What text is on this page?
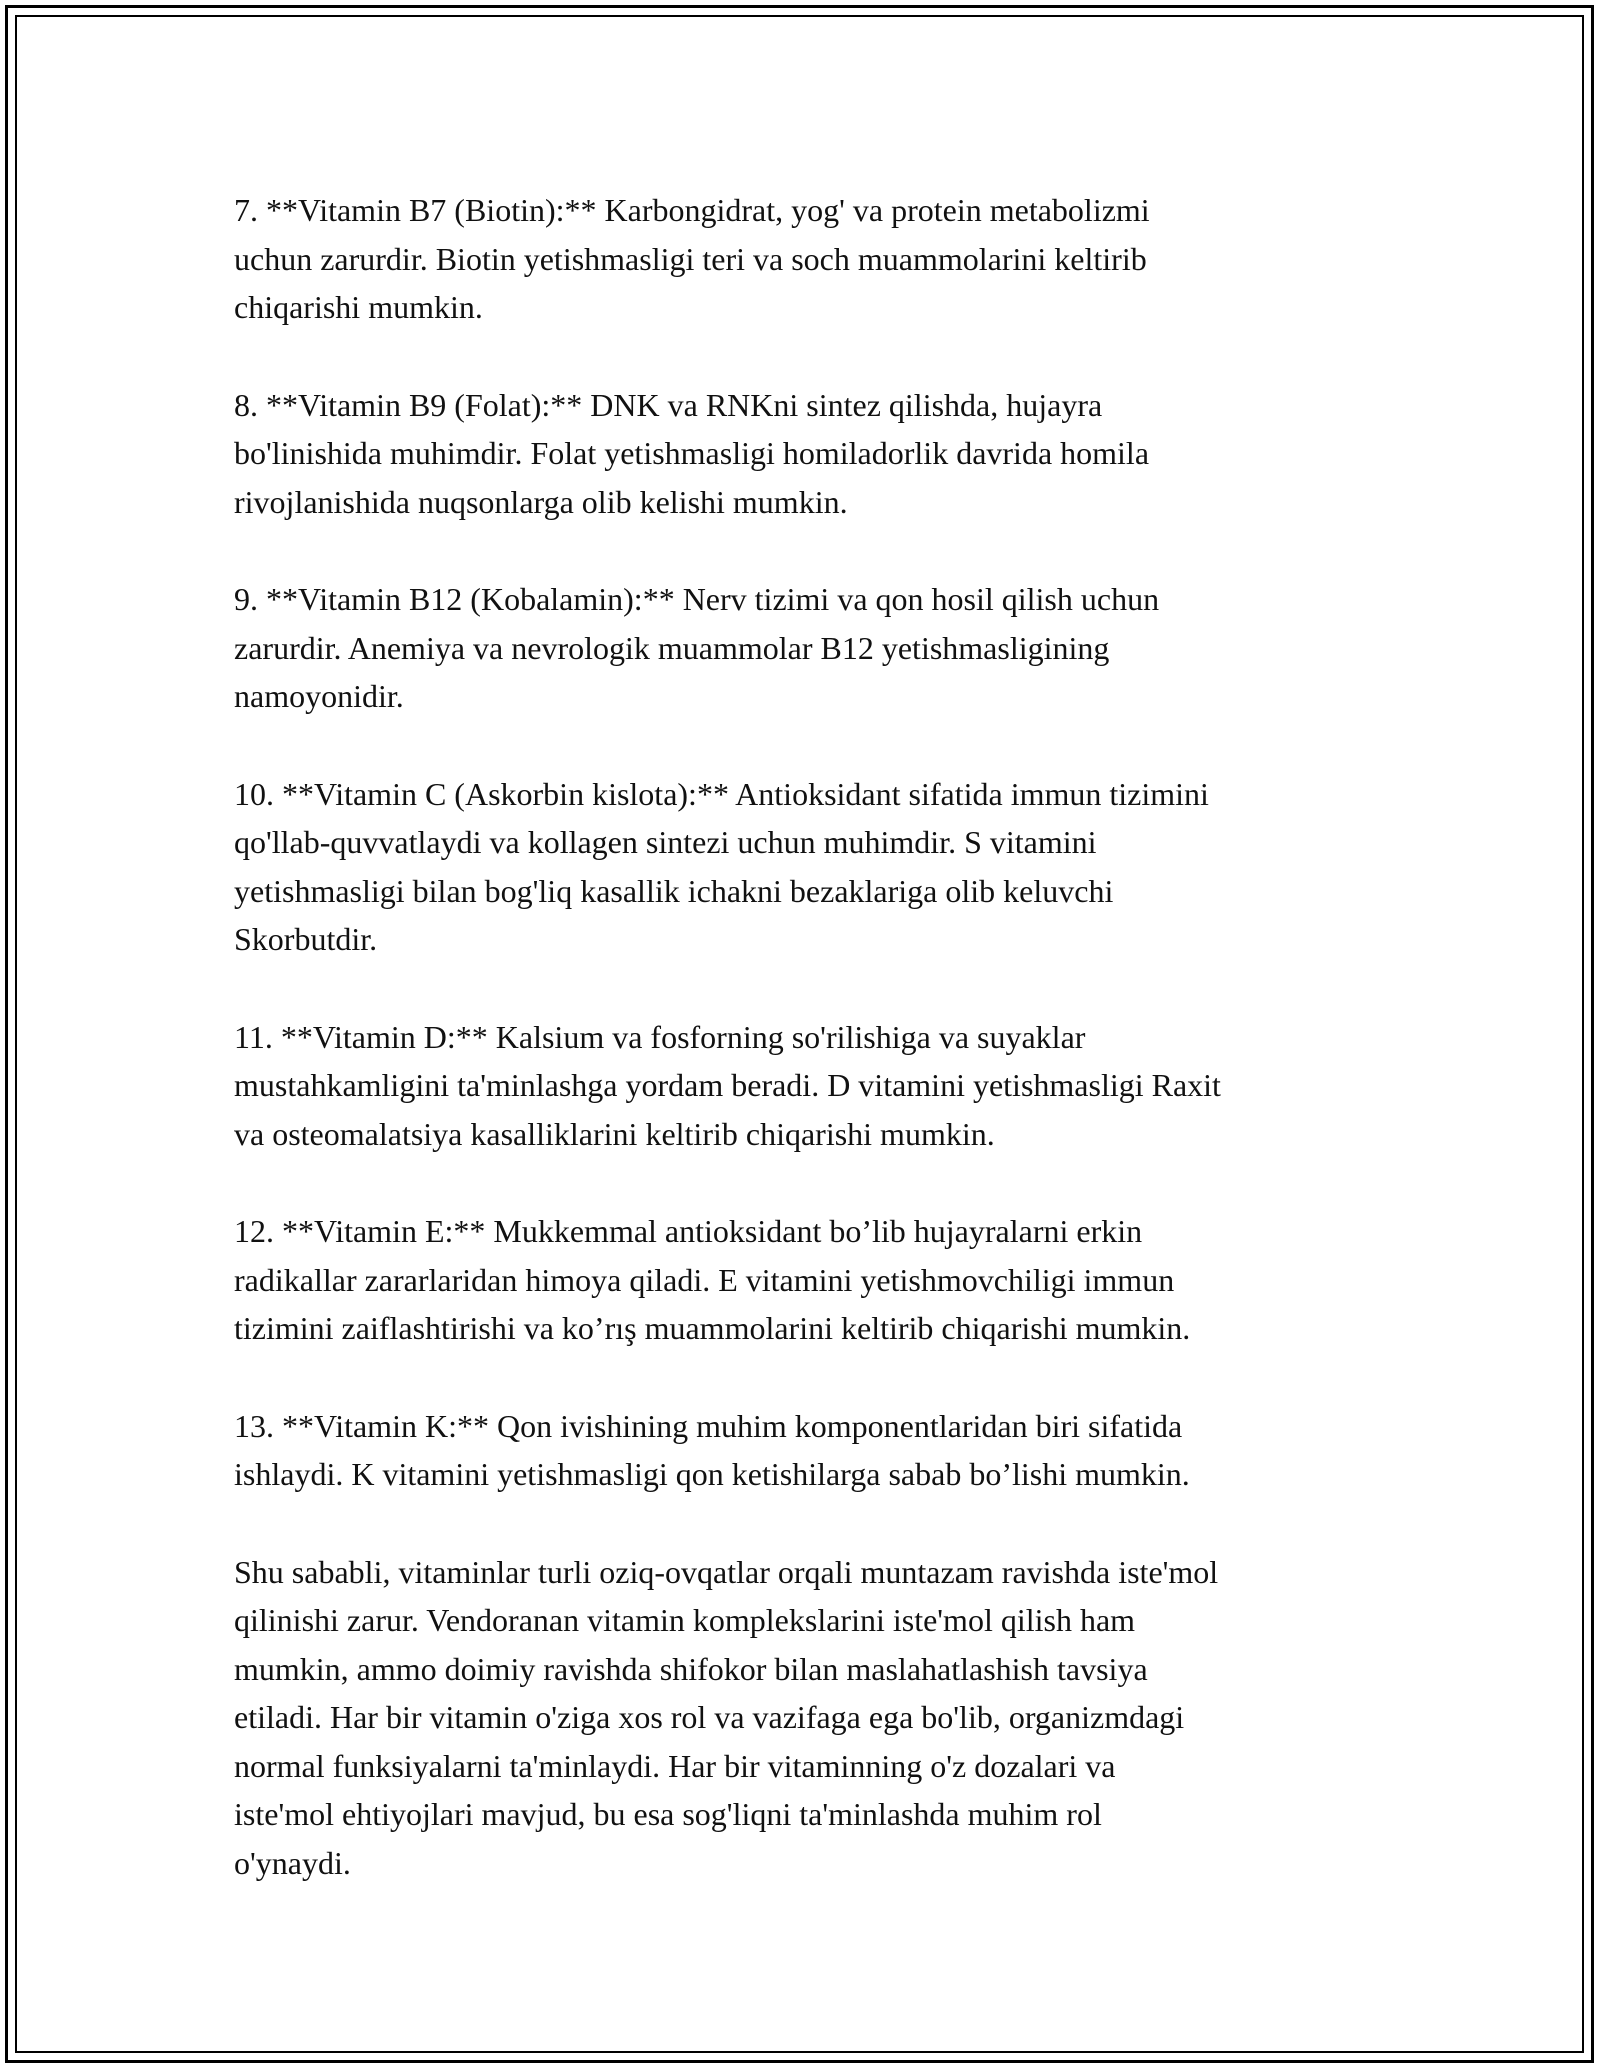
7. **Vitamin B7 (Biotin):** Karbongidrat, yog' va protein metabolizmi
uchun zarurdir. Biotin yetishmasligi teri va soch muammolarini keltirib
chiqarishi mumkin.

8. **Vitamin B9 (Folat):** DNK va RNKni sintez qilishda, hujayra
bo'linishida muhimdir. Folat yetishmasligi homiladorlik davrida homila
rivojlanishida nuqsonlarga olib kelishi mumkin.

9. **Vitamin B12 (Kobalamin):** Nerv tizimi va qon hosil qilish uchun
zarurdir. Anemiya va nevrologik muammolar B12 yetishmasligining
namoyonidir.

10. **Vitamin C (Askorbin kislota):** Antioksidant sifatida immun tizimini
qo'llab-quvvatlaydi va kollagen sintezi uchun muhimdir. S vitamini
yetishmasligi bilan bog'liq kasallik ichakni bezaklariga olib keluvchi
Skorbutdir.

11. **Vitamin D:** Kalsium va fosforning so'rilishiga va suyaklar
mustahkamligini ta'minlashga yordam beradi. D vitamini yetishmasligi Raxit
va osteomalatsiya kasalliklarini keltirib chiqarishi mumkin.

12. **Vitamin E:** Mukkemmal antioksidant bo’lib hujayralarni erkin
radikallar zararlaridan himoya qiladi. E vitamini yetishmovchiligi immun
tizimini zaiflashtirishi va ko’rış muammolarini keltirib chiqarishi mumkin.

13. **Vitamin K:** Qon ivishining muhim komponentlaridan biri sifatida
ishlaydi. K vitamini yetishmasligi qon ketishilarga sabab bo’lishi mumkin.

Shu sababli, vitaminlar turli oziq-ovqatlar orqali muntazam ravishda iste'mol
qilinishi zarur. Vendoranan vitamin komplekslarini iste'mol qilish ham
mumkin, ammo doimiy ravishda shifokor bilan maslahatlashish tavsiya
etiladi. Har bir vitamin o'ziga xos rol va vazifaga ega bo'lib, organizmdagi
normal funksiyalarni ta'minlaydi. Har bir vitaminning o'z dozalari va
iste'mol ehtiyojlari mavjud, bu esa sog'liqni ta'minlashda muhim rol
o'ynaydi.
